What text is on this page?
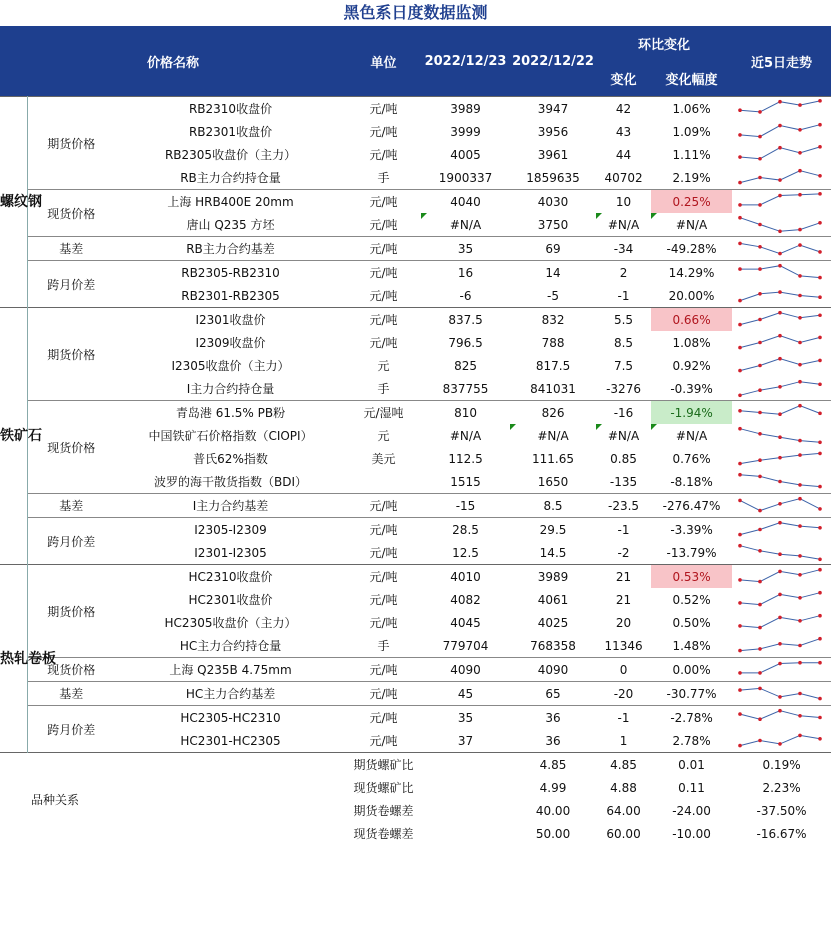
黑色系日度数据监测
价格名称			单位	2022/12/23	2022/12/22	环比变化		近5日走势	
						变化	变化幅度		
螺纹钢	期货价格	RB2310收盘价	元/吨	3989	3947	42	1.06%	

		RB2301收盘价	元/吨	3999	3956	43	1.09%	

		RB2305收盘价（主力）	元/吨	4005	3961	44	1.11%	

		RB主力合约持仓量	手	1900337	1859635	40702	2.19%	

	现货价格	上海 HRB400E 20mm	元/吨	4040	4030	10	0.25%	

		唐山 Q235 方坯	元/吨	#N/A	3750	#N/A	#N/A	

	基差	RB主力合约基差	元/吨	35	69	-34	-49.28%	

	跨月价差	RB2305-RB2310	元/吨	16	14	2	14.29%	

		RB2301-RB2305	元/吨	-6	-5	-1	20.00%	

铁矿石	期货价格	I2301收盘价	元/吨	837.5	832	5.5	0.66%	

		I2309收盘价	元/吨	796.5	788	8.5	1.08%	

		I2305收盘价（主力）	元	825	817.5	7.5	0.92%	

		I主力合约持仓量	手	837755	841031	-3276	-0.39%	

	现货价格	青岛港 61.5% PB粉	元/湿吨	810	826	-16	-1.94%	

		中国铁矿石价格指数（CIOPI）	元	#N/A	#N/A	#N/A	#N/A	

		普氏62%指数	美元	112.5	111.65	0.85	0.76%	

		波罗的海干散货指数（BDI）		1515	1650	-135	-8.18%	

	基差	I主力合约基差	元/吨	-15	8.5	-23.5	-276.47%	

	跨月价差	I2305-I2309	元/吨	28.5	29.5	-1	-3.39%	

		I2301-I2305	元/吨	12.5	14.5	-2	-13.79%	

热轧卷板	期货价格	HC2310收盘价	元/吨	4010	3989	21	0.53%	

		HC2301收盘价	元/吨	4082	4061	21	0.52%	

		HC2305收盘价（主力）	元/吨	4045	4025	20	0.50%	

		HC主力合约持仓量	手	779704	768358	11346	1.48%	

	现货价格	上海 Q235B 4.75mm	元/吨	4090	4090	0	0.00%	

	基差	HC主力合约基差	元/吨	45	65	-20	-30.77%	

	跨月价差	HC2305-HC2310	元/吨	35	36	-1	-2.78%	

		HC2301-HC2305	元/吨	37	36	1	2.78%	

	品种关系		期货螺矿比		4.85	4.85	0.01	0.19%	

			现货螺矿比		4.99	4.88	0.11	2.23%	

			期货卷螺差		40.00	64.00	-24.00	-37.50%	

			现货卷螺差		50.00	60.00	-10.00	-16.67%	
